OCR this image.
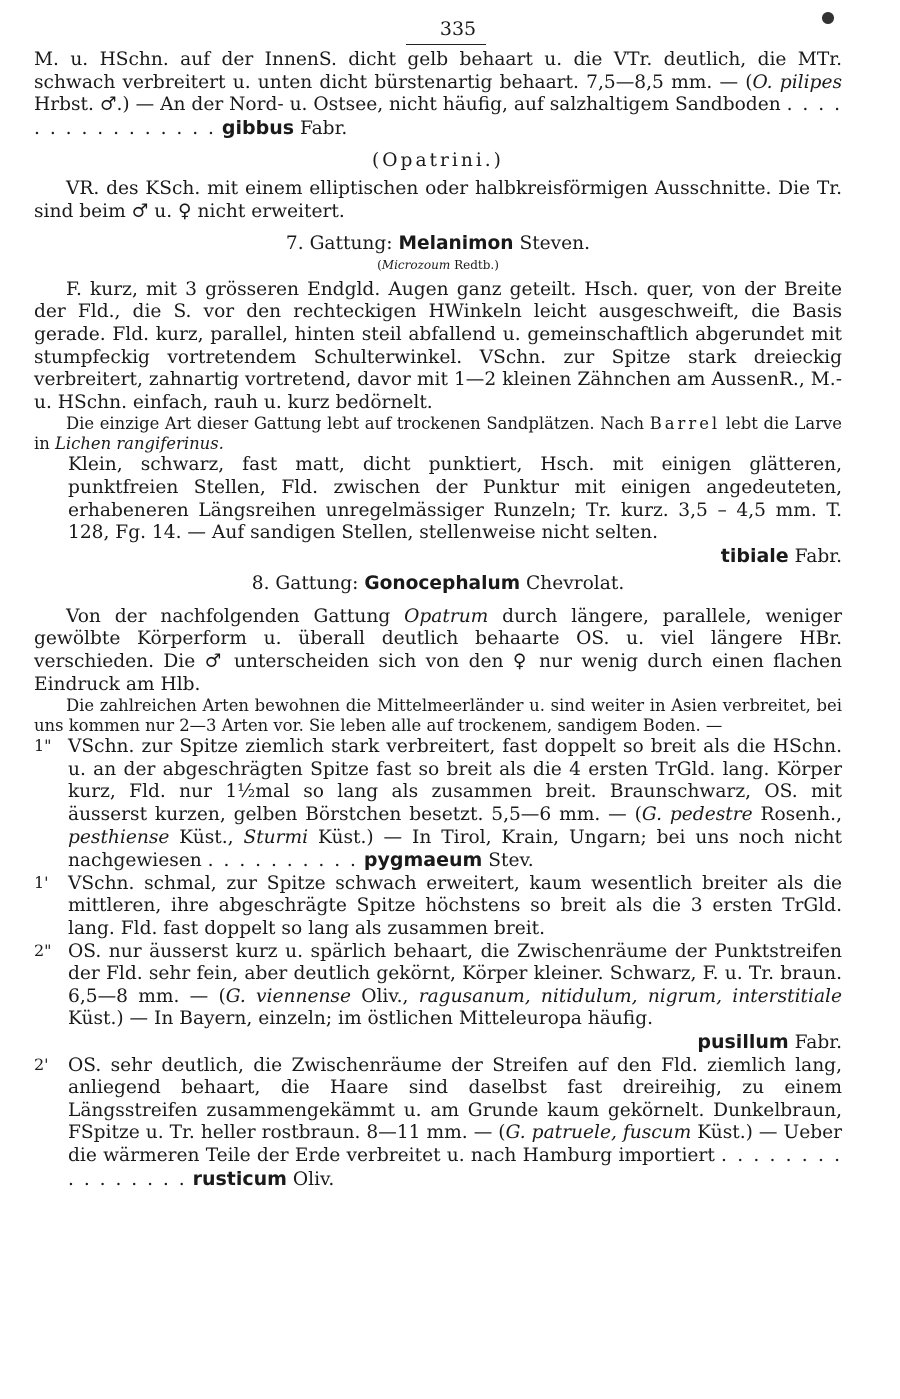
335

M. u. HSchn. auf der InnenS. dicht gelb behaart u. die VTr. deutlich, die MTr. schwach verbreitert u. unten dicht bürstenartig behaart. 7,5—8,5 mm. — (O. pilipes Hrbst. ♂.) — An der Nord- u. Ostsee, nicht häufig, auf salzhaltigem Sandboden . . . . . . . . . . . . . . . . gibbus Fabr.

(Opatrini.)

VR. des KSch. mit einem elliptischen oder halbkreisförmigen Ausschnitte. Die Tr. sind beim ♂ u. ♀ nicht erweitert.

7. Gattung: Melanimon Steven.

(Microzoum Redtb.)

F. kurz, mit 3 grösseren Endgld. Augen ganz geteilt. Hsch. quer, von der Breite der Fld., die S. vor den rechteckigen HWinkeln leicht ausgeschweift, die Basis gerade. Fld. kurz, parallel, hinten steil abfallend u. gemeinschaftlich abgerundet mit stumpfeckig vortretendem Schulterwinkel. VSchn. zur Spitze stark dreieckig verbreitert, zahnartig vortretend, davor mit 1—2 kleinen Zähnchen am AussenR., M.- u. HSchn. einfach, rauh u. kurz bedörnelt.

Die einzige Art dieser Gattung lebt auf trockenen Sandplätzen. Nach Barrel lebt die Larve in Lichen rangiferinus.

Klein, schwarz, fast matt, dicht punktiert, Hsch. mit einigen glätteren, punktfreien Stellen, Fld. zwischen der Punktur mit einigen angedeuteten, erhabeneren Längsreihen unregelmässiger Runzeln; Tr. kurz. 3,5 – 4,5 mm. T. 128, Fg. 14. — Auf sandigen Stellen, stellenweise nicht selten.

tibiale Fabr.

8. Gattung: Gonocephalum Chevrolat.

Von der nachfolgenden Gattung Opatrum durch längere, parallele, weniger gewölbte Körperform u. überall deutlich behaarte OS. u. viel längere HBr. verschieden. Die ♂ unterscheiden sich von den ♀ nur wenig durch einen flachen Eindruck am Hlb.

Die zahlreichen Arten bewohnen die Mittelmeerländer u. sind weiter in Asien verbreitet, bei uns kommen nur 2—3 Arten vor. Sie leben alle auf trockenem, sandigem Boden. —

1" VSchn. zur Spitze ziemlich stark verbreitert, fast doppelt so breit als die HSchn. u. an der abgeschrägten Spitze fast so breit als die 4 ersten TrGld. lang. Körper kurz, Fld. nur 1½mal so lang als zusammen breit. Braunschwarz, OS. mit äusserst kurzen, gelben Börstchen besetzt. 5,5—6 mm. — (G. pedestre Rosenh., pesthiense Küst., Sturmi Küst.) — In Tirol, Krain, Ungarn; bei uns noch nicht nachgewiesen . . . . . . . . . . pygmaeum Stev.

1' VSchn. schmal, zur Spitze schwach erweitert, kaum wesentlich breiter als die mittleren, ihre abgeschrägte Spitze höchstens so breit als die 3 ersten TrGld. lang. Fld. fast doppelt so lang als zusammen breit.

2" OS. nur äusserst kurz u. spärlich behaart, die Zwischenräume der Punktstreifen der Fld. sehr fein, aber deutlich gekörnt, Körper kleiner. Schwarz, F. u. Tr. braun. 6,5—8 mm. — (G. viennense Oliv., ragusanum, nitidulum, nigrum, interstitiale Küst.) — In Bayern, einzeln; im östlichen Mitteleuropa häufig.

pusillum Fabr.

2' OS. sehr deutlich, die Zwischenräume der Streifen auf den Fld. ziemlich lang, anliegend behaart, die Haare sind daselbst fast dreireihig, zu einem Längsstreifen zusammengekämmt u. am Grunde kaum gekörnelt. Dunkelbraun, FSpitze u. Tr. heller rostbraun. 8—11 mm. — (G. patruele, fuscum Küst.) — Ueber die wärmeren Teile der Erde verbreitet u. nach Hamburg importiert . . . . . . . . . . . . . . . . rusticum Oliv.
